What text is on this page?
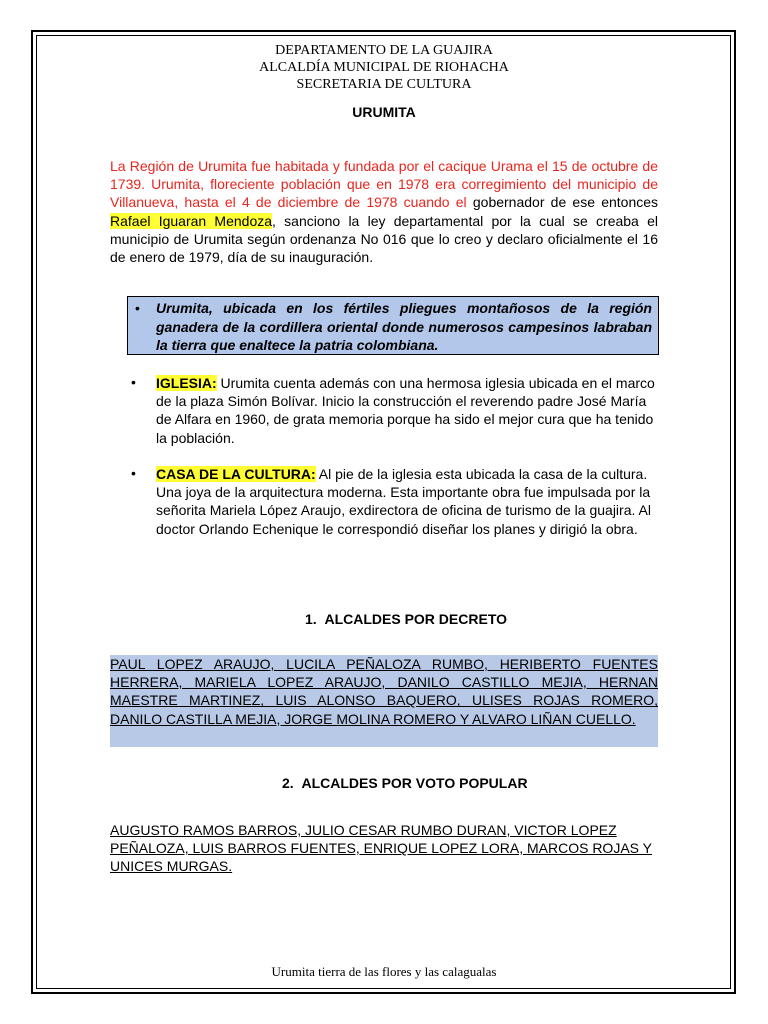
DEPARTAMENTO DE LA GUAJIRA
ALCALDÍA MUNICIPAL DE RIOHACHA
SECRETARIA DE CULTURA
URUMITA

La Región de Urumita fue habitada y fundada por el cacique Urama el 15 de octubre de 1739. Urumita, floreciente población que en 1978 era corregimiento del municipio de Villanueva, hasta el 4 de diciembre de 1978 cuando el gobernador de ese entonces Rafael Iguaran Mendoza, sanciono la ley departamental por la cual se creaba el municipio de Urumita según ordenanza No 016 que lo creo y declaro oficialmente el 16 de enero de 1979, día de su inauguración.

• Urumita, ubicada en los fértiles pliegues montañosos de la región ganadera de la cordillera oriental donde numerosos campesinos labraban la tierra que enaltece la patria colombiana.
• IGLESIA: Urumita cuenta además con una hermosa iglesia ubicada en el marco de la plaza Simón Bolívar. Inicio la construcción el reverendo padre José María de Alfara en 1960, de grata memoria porque ha sido el mejor cura que ha tenido la población.
• CASA DE LA CULTURA: Al pie de la iglesia esta ubicada la casa de la cultura. Una joya de la arquitectura moderna. Esta importante obra fue impulsada por la señorita Mariela López Araujo, exdirectora de oficina de turismo de la guajira. Al doctor Orlando Echenique le correspondió diseñar los planes y dirigió la obra.
1. ALCALDES POR DECRETO
PAUL LOPEZ ARAUJO, LUCILA PEÑALOZA RUMBO, HERIBERTO FUENTES HERRERA, MARIELA LOPEZ ARAUJO, DANILO CASTILLO MEJIA, HERNAN MAESTRE MARTINEZ, LUIS ALONSO BAQUERO, ULISES ROJAS ROMERO, DANILO CASTILLA MEJIA, JORGE MOLINA ROMERO Y ALVARO LIÑAN CUELLO.
2. ALCALDES POR VOTO POPULAR
AUGUSTO RAMOS BARROS, JULIO CESAR RUMBO DURAN, VICTOR LOPEZ PEÑALOZA, LUIS BARROS FUENTES, ENRIQUE LOPEZ LORA, MARCOS ROJAS Y UNICES MURGAS.
Urumita tierra de las flores y las calagualas
